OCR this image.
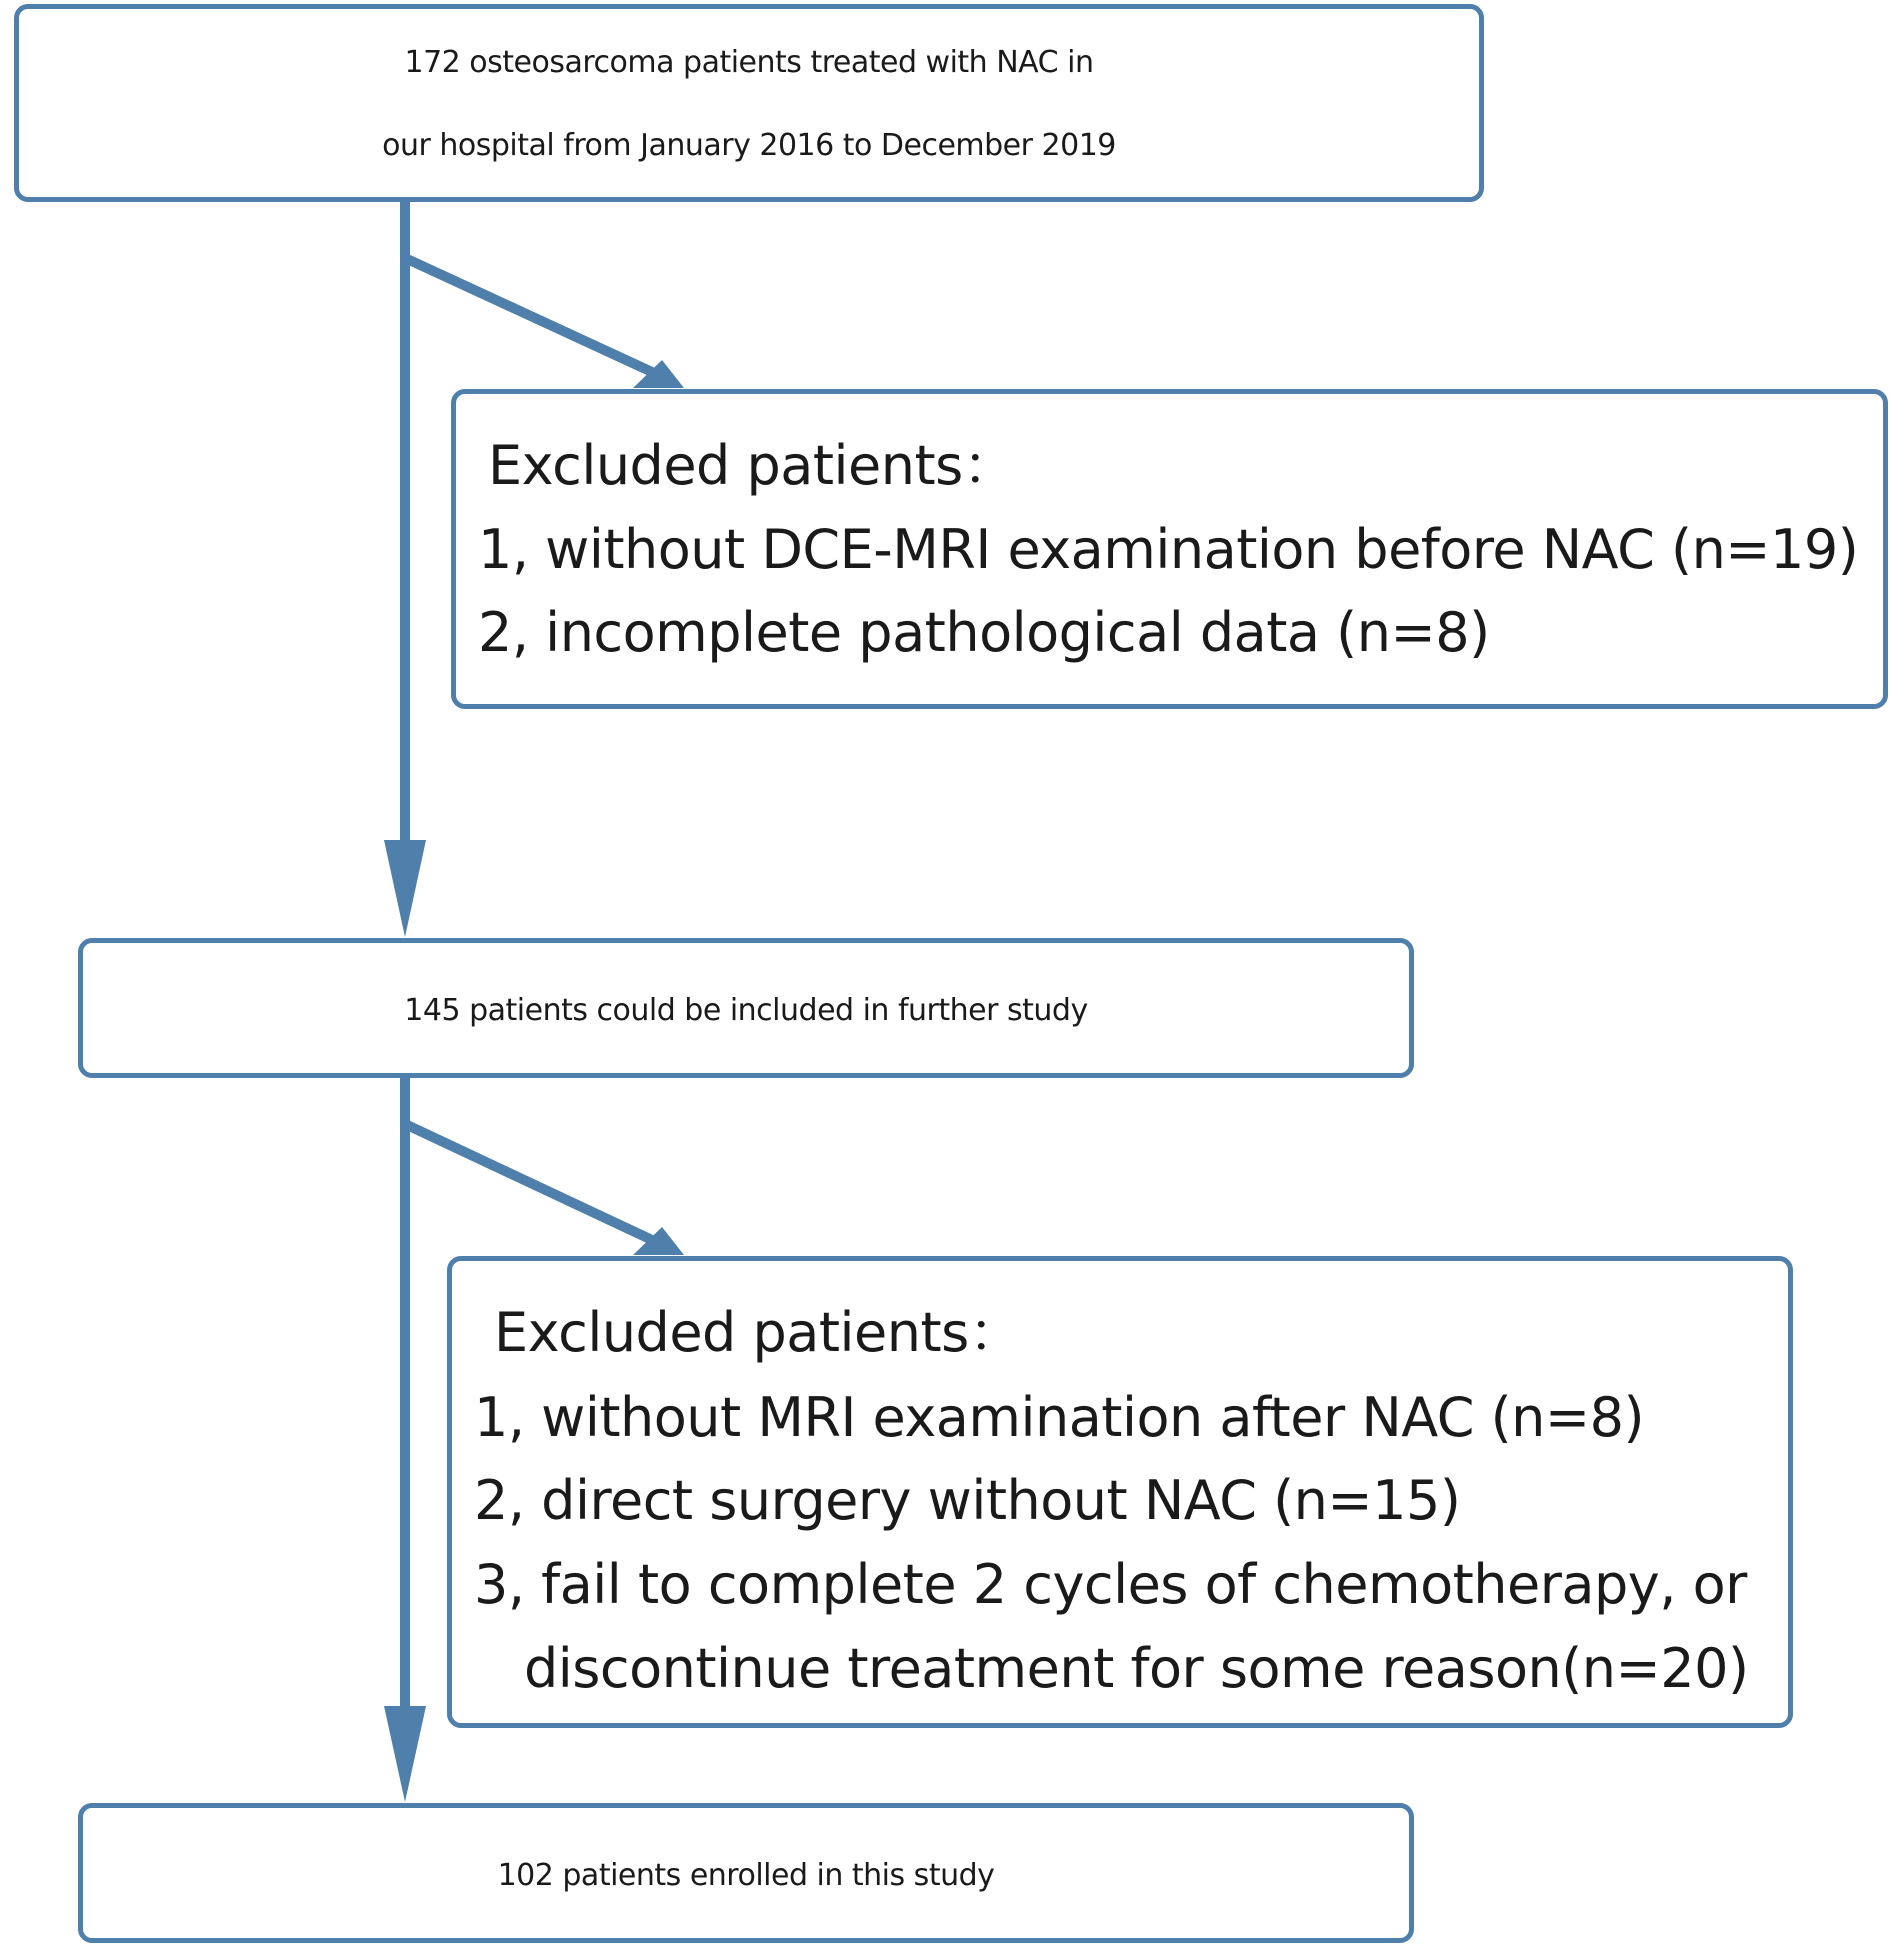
172 osteosarcoma patients treated with NAC in
our hospital from January 2016 to December 2019
Excluded patients：
1, without DCE-MRI examination before NAC (n=19)
2, incomplete pathological data (n=8)
145 patients could be included in further study
Excluded patients：
1, without MRI examination after NAC (n=8)
2, direct surgery without NAC (n=15)
3, fail to complete 2 cycles of chemotherapy, or
discontinue treatment for some reason(n=20)
102 patients enrolled in this study
